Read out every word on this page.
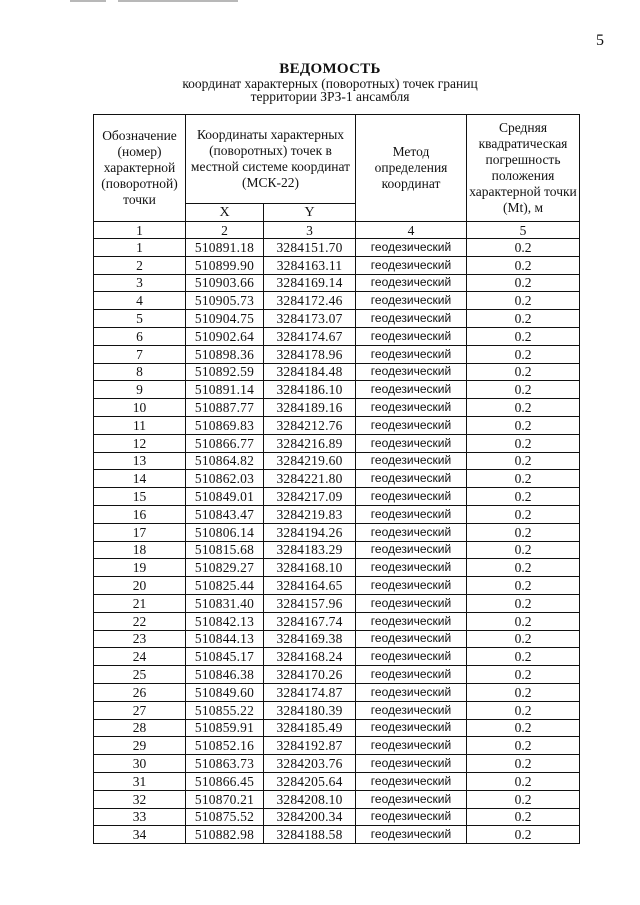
5
ВЕДОМОСТЬ
координат характерных (поворотных) точек границ
территории ЗРЗ-1 ансамбля
Обозначение (номер) характерной (поворотной) точки	Координаты характерных (поворотных) точек в местной системе координат (МСК-22)		Метод определения координат	Средняя квадратическая погрешность положения характерной точки (Mt), м
	X	Y		
1	2	3	4	5
1	510891.18	3284151.70	геодезический	0.2
2	510899.90	3284163.11	геодезический	0.2
3	510903.66	3284169.14	геодезический	0.2
4	510905.73	3284172.46	геодезический	0.2
5	510904.75	3284173.07	геодезический	0.2
6	510902.64	3284174.67	геодезический	0.2
7	510898.36	3284178.96	геодезический	0.2
8	510892.59	3284184.48	геодезический	0.2
9	510891.14	3284186.10	геодезический	0.2
10	510887.77	3284189.16	геодезический	0.2
11	510869.83	3284212.76	геодезический	0.2
12	510866.77	3284216.89	геодезический	0.2
13	510864.82	3284219.60	геодезический	0.2
14	510862.03	3284221.80	геодезический	0.2
15	510849.01	3284217.09	геодезический	0.2
16	510843.47	3284219.83	геодезический	0.2
17	510806.14	3284194.26	геодезический	0.2
18	510815.68	3284183.29	геодезический	0.2
19	510829.27	3284168.10	геодезический	0.2
20	510825.44	3284164.65	геодезический	0.2
21	510831.40	3284157.96	геодезический	0.2
22	510842.13	3284167.74	геодезический	0.2
23	510844.13	3284169.38	геодезический	0.2
24	510845.17	3284168.24	геодезический	0.2
25	510846.38	3284170.26	геодезический	0.2
26	510849.60	3284174.87	геодезический	0.2
27	510855.22	3284180.39	геодезический	0.2
28	510859.91	3284185.49	геодезический	0.2
29	510852.16	3284192.87	геодезический	0.2
30	510863.73	3284203.76	геодезический	0.2
31	510866.45	3284205.64	геодезический	0.2
32	510870.21	3284208.10	геодезический	0.2
33	510875.52	3284200.34	геодезический	0.2
34	510882.98	3284188.58	геодезический	0.2
